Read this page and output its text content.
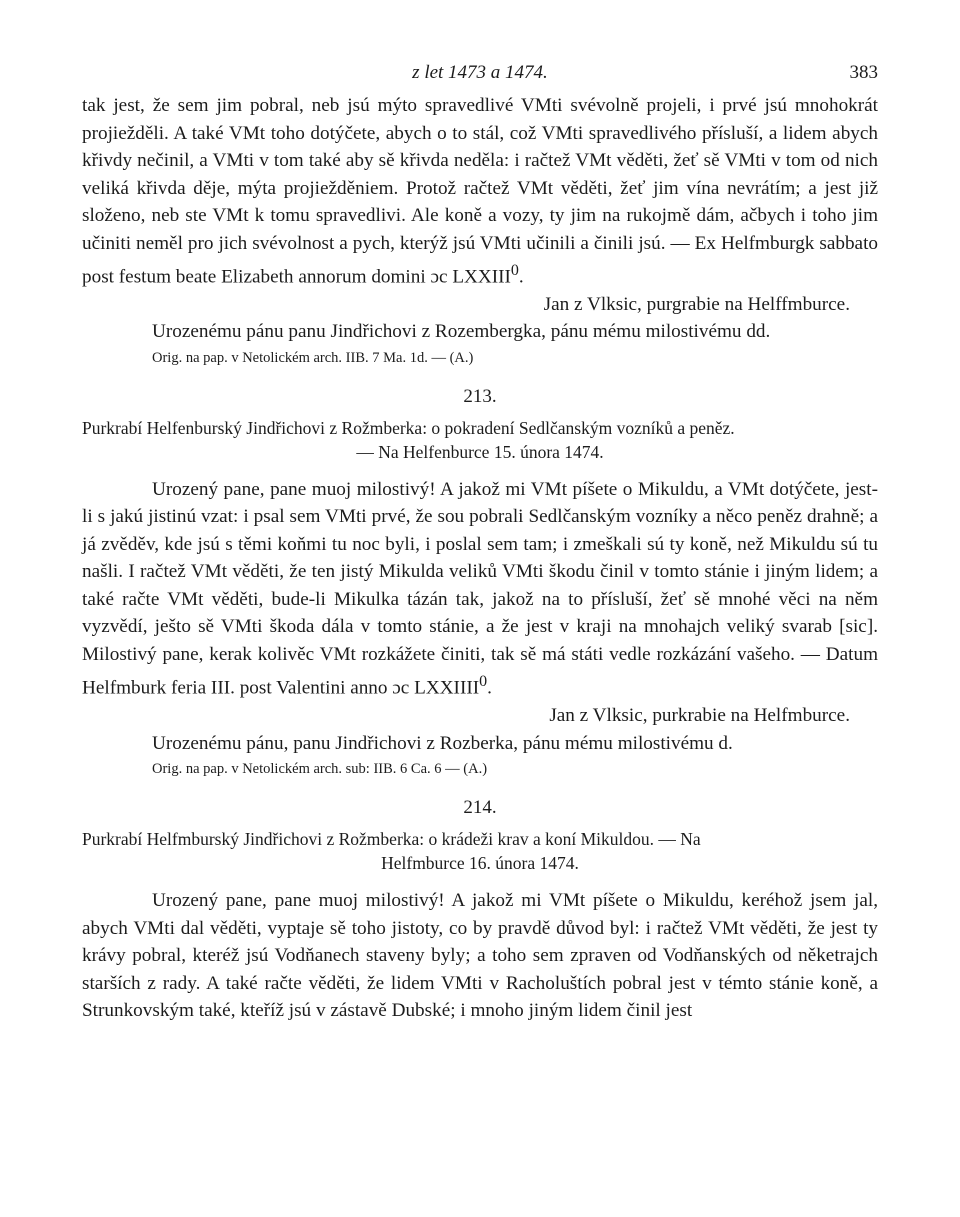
z let 1473 a 1474.	383

tak jest, že sem jim pobral, neb jsú mýto spravedlivé VMti svévolně projeli, i prvé jsú mnohokrát projiežděli. A také VMt toho dotýčete, abych o to stál, což VMti spravedlivého přísluší, a lidem abych křivdy nečinil, a VMti v tom také aby sě křivda neděla: i račtež VMt věděti, žeť sě VMti v tom od nich veliká křivda děje, mýta projiežděniem. Protož račtež VMt věděti, žeť jim vína nevrátím; a jest již složeno, neb ste VMt k tomu spravedlivi. Ale koně a vozy, ty jim na rukojmě dám, ačbych i toho jim učiniti neměl pro jich svévolnost a pych, kterýž jsú VMti učinili a činili jsú. — Ex Helfmburgk sabbato post festum beate Elizabeth annorum domini ɔc LXXIII$^0$.

Jan z Vlksic, purgrabie na Helffmburce.

Urozenému pánu panu Jindřichovi z Rozembergka, pánu mému milostivému dd.

Orig. na pap. v Netolickém arch. IIB. 7 Ma. 1d. — (A.)

213.

Purkrabí Helfenburský Jindřichovi z Rožmberka: o pokradení Sedlčanským vozníků a peněz.

— Na Helfenburce 15. února 1474.

Urozený pane, pane muoj milostivý! A jakož mi VMt píšete o Mikuldu, a VMt dotýčete, jest-li s jakú jistinú vzat: i psal sem VMti prvé, že sou pobrali Sedlčanským vozníky a něco peněz drahně; a já zvěděv, kde jsú s těmi koňmi tu noc byli, i poslal sem tam; i zmeškali sú ty koně, než Mikuldu sú tu našli. I račtež VMt věděti, že ten jistý Mikulda veliků VMti škodu činil v tomto stánie i jiným lidem; a také račte VMt věděti, bude-li Mikulka tázán tak, jakož na to přísluší, žeť sě mnohé věci na něm vyzvědí, ješto sě VMti škoda dála v tomto stánie, a že jest v kraji na mnohajch veliký svarab [sic]. Milostivý pane, kerak kolivěc VMt rozkážete činiti, tak sě má státi vedle rozkázání vašeho. — Datum Helfmburk feria III. post Valentini anno ɔc LXXIIII$^0$.

Jan z Vlksic, purkrabie na Helfmburce.

Urozenému pánu, panu Jindřichovi z Rozberka, pánu mému milostivému d.

Orig. na pap. v Netolickém arch. sub: IIB. 6 Ca. 6 — (A.)

214.

Purkrabí Helfmburský Jindřichovi z Rožmberka: o krádeži krav a koní Mikuldou. — Na

Helfmburce 16. února 1474.

Urozený pane, pane muoj milostivý! A jakož mi VMt píšete o Mikuldu, keréhož jsem jal, abych VMti dal věděti, vyptaje sě toho jistoty, co by pravdě důvod byl: i račtež VMt věděti, že jest ty krávy pobral, kteréž jsú Vodňanech staveny byly; a toho sem zpraven od Vodňanských od něketrajch starších z rady. A také račte věděti, že lidem VMti v Racholuštích pobral jest v témto stánie koně, a Strunkovským také, kteříž jsú v zástavě Dubské; i mnoho jiným lidem činil jest
